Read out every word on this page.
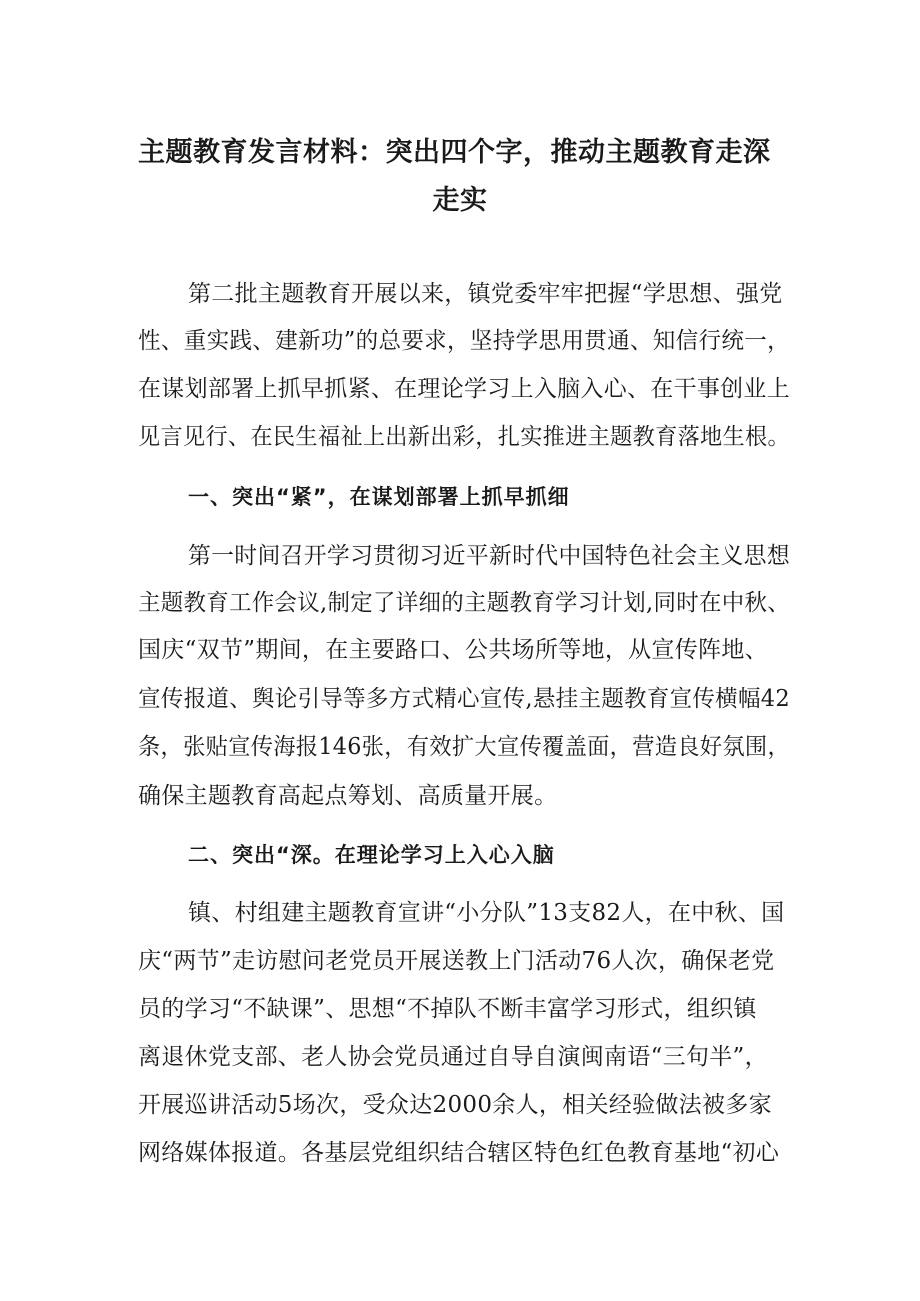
主题教育发言材料：突出四个字，推动主题教育走深
走实
第二批主题教育开展以来，镇党委牢牢把握“学思想、强党
性、重实践、建新功”的总要求，坚持学思用贯通、知信行统一，
在谋划部署上抓早抓紧、在理论学习上入脑入心、在干事创业上
见言见行、在民生福祉上出新出彩，扎实推进主题教育落地生根。
一、突出“紧”，在谋划部署上抓早抓细
第一时间召开学习贯彻习近平新时代中国特色社会主义思想
主题教育工作会议,制定了详细的主题教育学习计划,同时在中秋、
国庆“双节”期间，在主要路口、公共场所等地，从宣传阵地、
宣传报道、舆论引导等多方式精心宣传,悬挂主题教育宣传横幅42
条，张贴宣传海报146张，有效扩大宣传覆盖面，营造良好氛围，
确保主题教育高起点筹划、高质量开展。
二、突出“深。在理论学习上入心入脑
镇、村组建主题教育宣讲“小分队”13支82人，在中秋、国
庆“两节”走访慰问老党员开展送教上门活动76人次，确保老党
员的学习“不缺课”、思想“不掉队不断丰富学习形式，组织镇
离退休党支部、老人协会党员通过自导自演闽南语“三句半”，
开展巡讲活动5场次，受众达2000余人，相关经验做法被多家
网络媒体报道。各基层党组织结合辖区特色红色教育基地“初心
